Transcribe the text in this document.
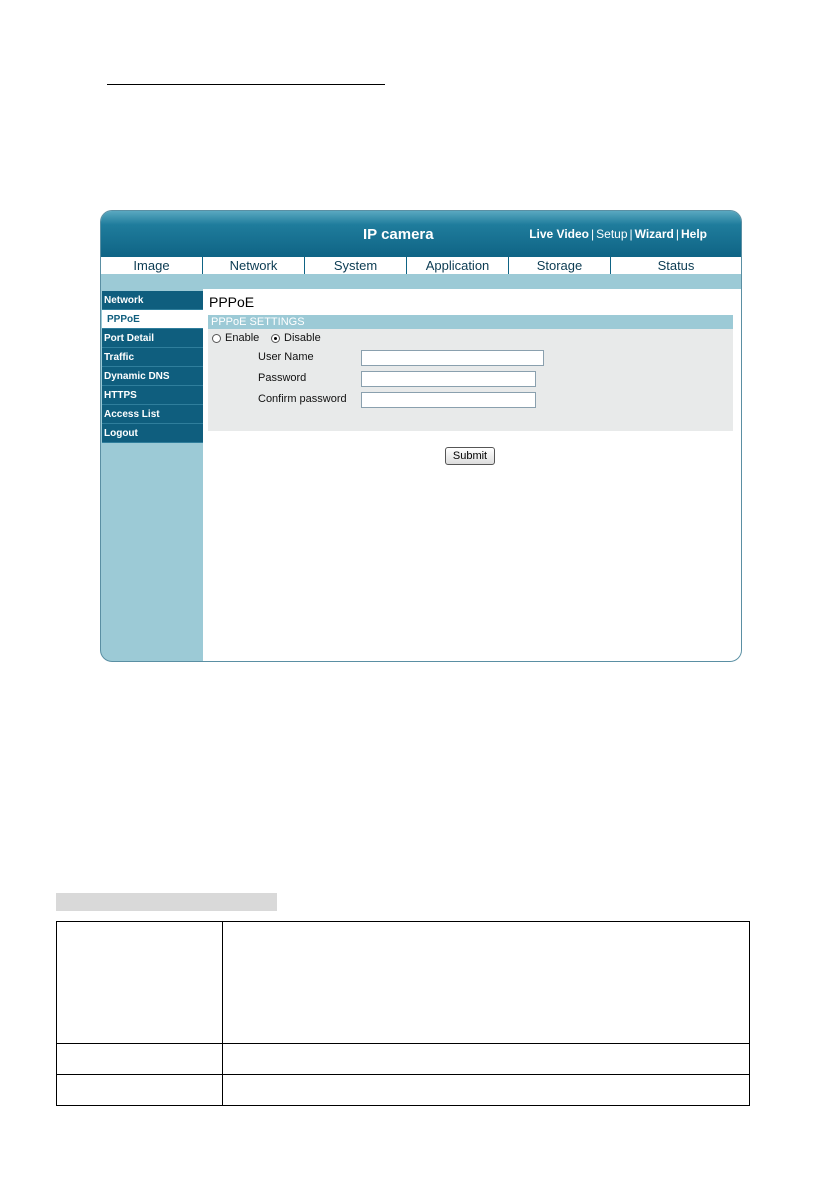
IP camera	Live Video | Setup | Wizard | Help
Image	Network	System	Application	Storage	Status
Network
PPPoE
Port Detail
Traffic
Dynamic DNS
HTTPS
Access List
Logout
PPPoE
PPPoE SETTINGS
Enable Disable
User Name
Password
Confirm password
Submit
